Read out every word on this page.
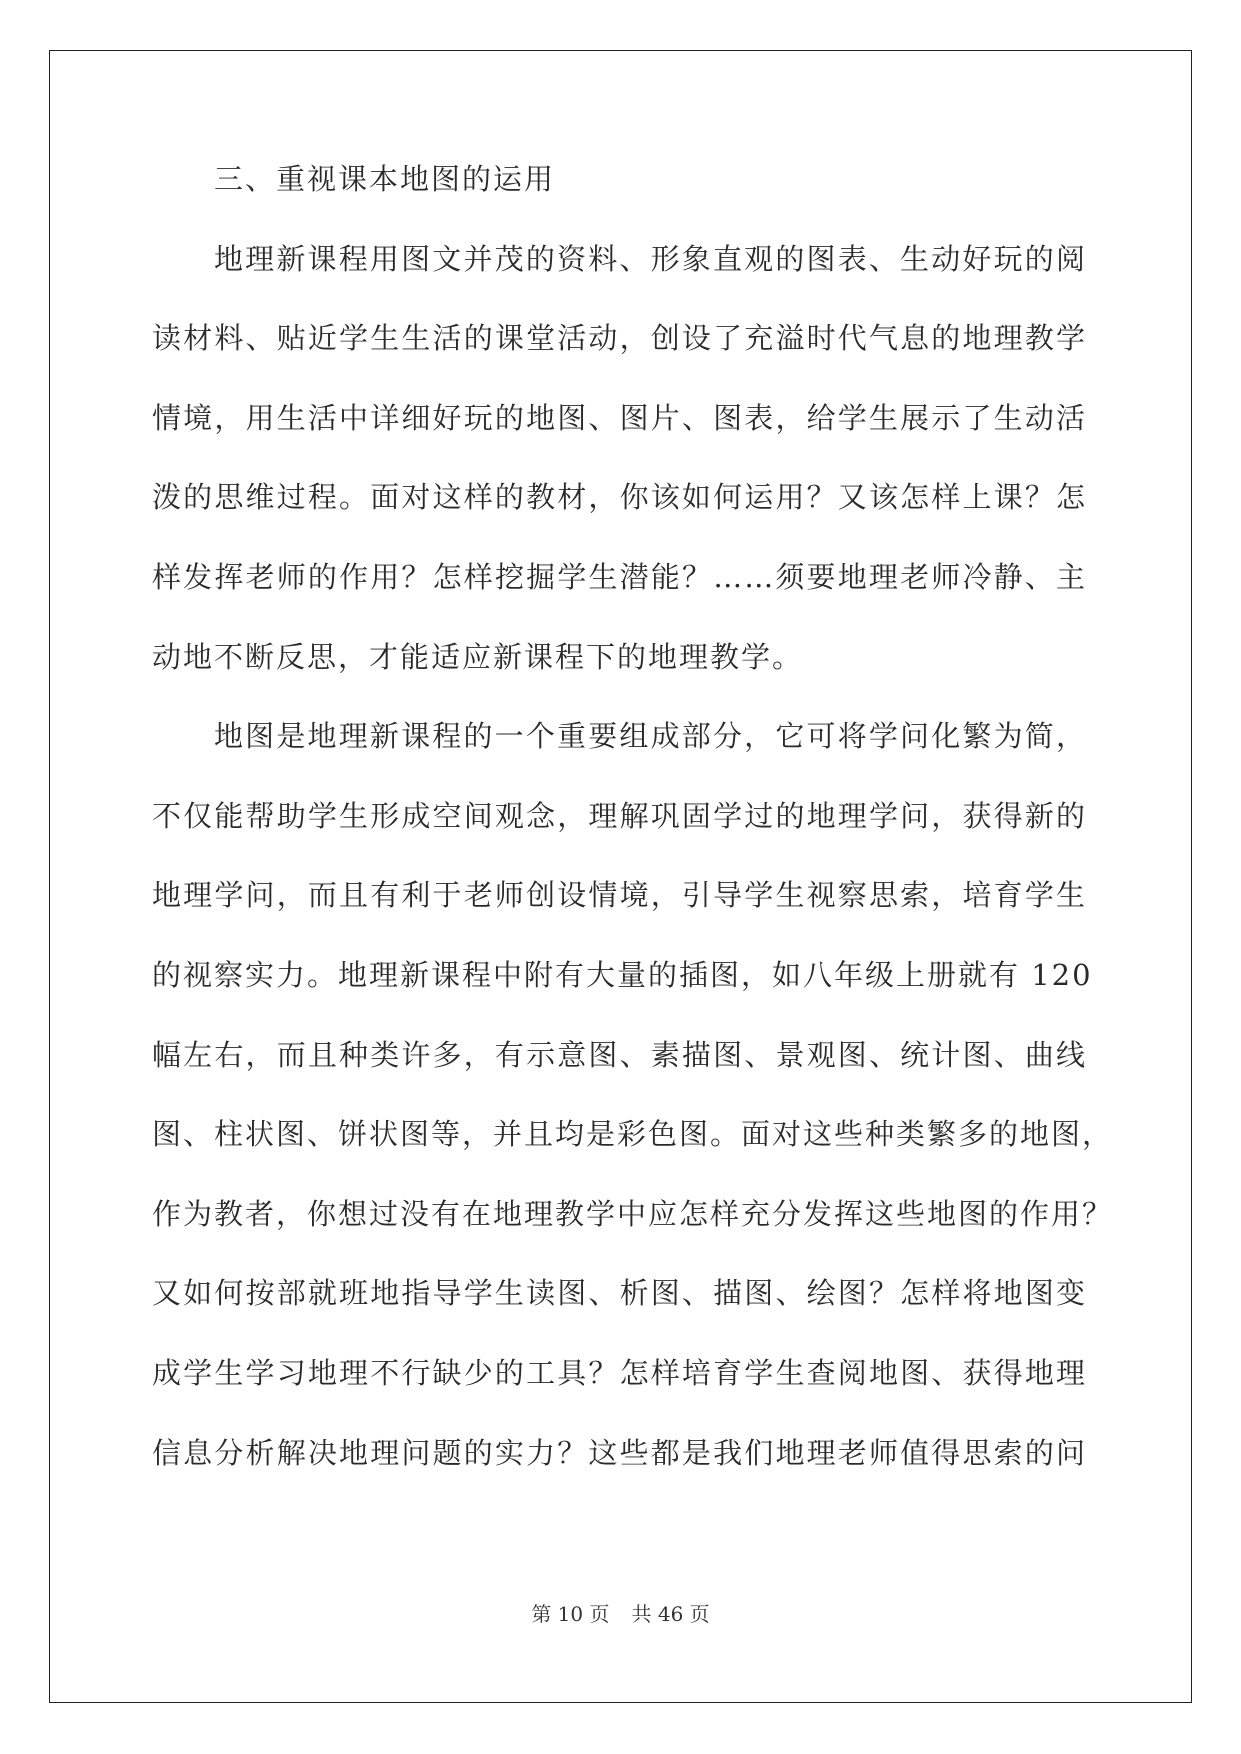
三、重视课本地图的运用
地理新课程用图文并茂的资料、形象直观的图表、生动好玩的阅
读材料、贴近学生生活的课堂活动，创设了充溢时代气息的地理教学
情境，用生活中详细好玩的地图、图片、图表，给学生展示了生动活
泼的思维过程。面对这样的教材，你该如何运用？又该怎样上课？怎
样发挥老师的作用？怎样挖掘学生潜能？……须要地理老师冷静、主
动地不断反思，才能适应新课程下的地理教学。
地图是地理新课程的一个重要组成部分，它可将学问化繁为简，
不仅能帮助学生形成空间观念，理解巩固学过的地理学问，获得新的
地理学问，而且有利于老师创设情境，引导学生视察思索，培育学生
的视察实力。地理新课程中附有大量的插图，如八年级上册就有 120
幅左右，而且种类许多，有示意图、素描图、景观图、统计图、曲线
图、柱状图、饼状图等，并且均是彩色图。面对这些种类繁多的地图，
作为教者，你想过没有在地理教学中应怎样充分发挥这些地图的作用？
又如何按部就班地指导学生读图、析图、描图、绘图？怎样将地图变
成学生学习地理不行缺少的工具？怎样培育学生查阅地图、获得地理
信息分析解决地理问题的实力？这些都是我们地理老师值得思索的问
第 10 页 共 46 页
